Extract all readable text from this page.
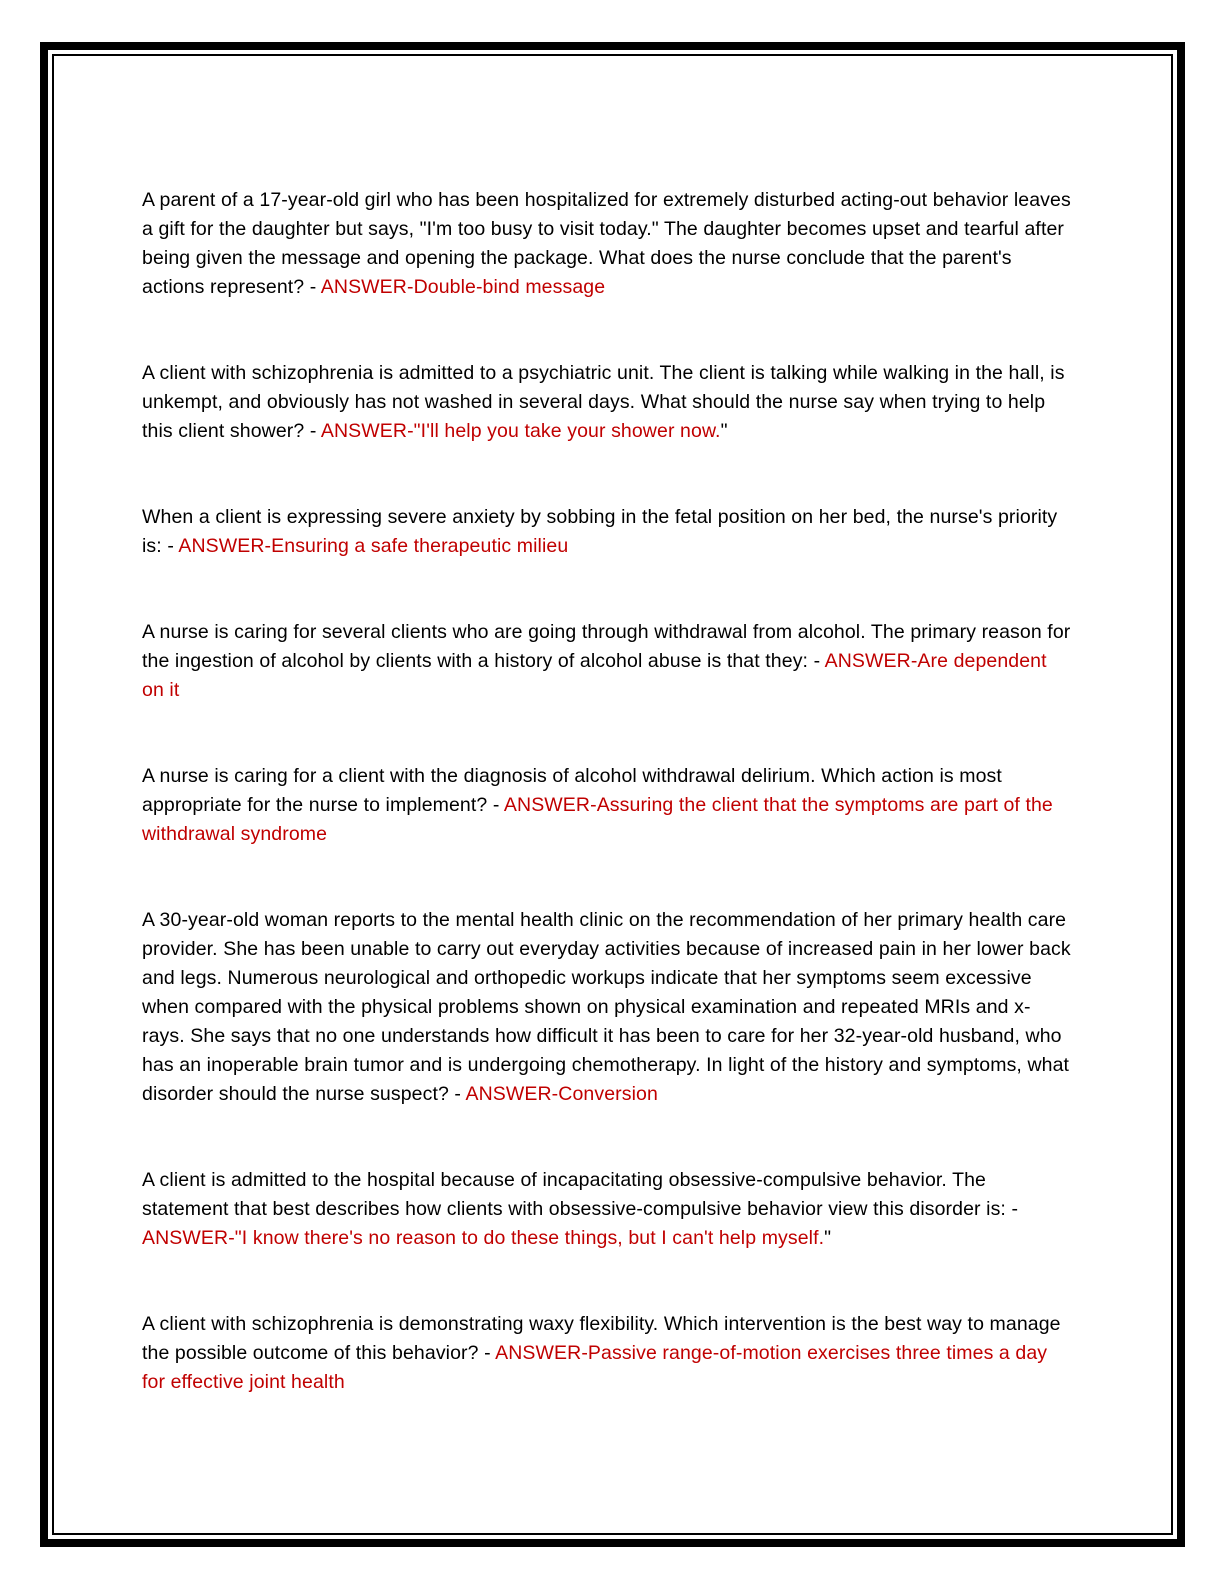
A parent of a 17-year-old girl who has been hospitalized for extremely disturbed acting-out behavior leaves a gift for the daughter but says, "I'm too busy to visit today." The daughter becomes upset and tearful after being given the message and opening the package. What does the nurse conclude that the parent's actions represent? - ANSWER-Double-bind message

A client with schizophrenia is admitted to a psychiatric unit. The client is talking while walking in the hall, is unkempt, and obviously has not washed in several days. What should the nurse say when trying to help this client shower? - ANSWER-"I'll help you take your shower now."

When a client is expressing severe anxiety by sobbing in the fetal position on her bed, the nurse's priority is: - ANSWER-Ensuring a safe therapeutic milieu

A nurse is caring for several clients who are going through withdrawal from alcohol. The primary reason for the ingestion of alcohol by clients with a history of alcohol abuse is that they: - ANSWER-Are dependent on it

A nurse is caring for a client with the diagnosis of alcohol withdrawal delirium. Which action is most appropriate for the nurse to implement? - ANSWER-Assuring the client that the symptoms are part of the withdrawal syndrome

A 30-year-old woman reports to the mental health clinic on the recommendation of her primary health care provider. She has been unable to carry out everyday activities because of increased pain in her lower back and legs. Numerous neurological and orthopedic workups indicate that her symptoms seem excessive when compared with the physical problems shown on physical examination and repeated MRIs and x-rays. She says that no one understands how difficult it has been to care for her 32-year-old husband, who has an inoperable brain tumor and is undergoing chemotherapy. In light of the history and symptoms, what disorder should the nurse suspect? - ANSWER-Conversion

A client is admitted to the hospital because of incapacitating obsessive-compulsive behavior. The statement that best describes how clients with obsessive-compulsive behavior view this disorder is: - ANSWER-"I know there's no reason to do these things, but I can't help myself."

A client with schizophrenia is demonstrating waxy flexibility. Which intervention is the best way to manage the possible outcome of this behavior? - ANSWER-Passive range-of-motion exercises three times a day for effective joint health
